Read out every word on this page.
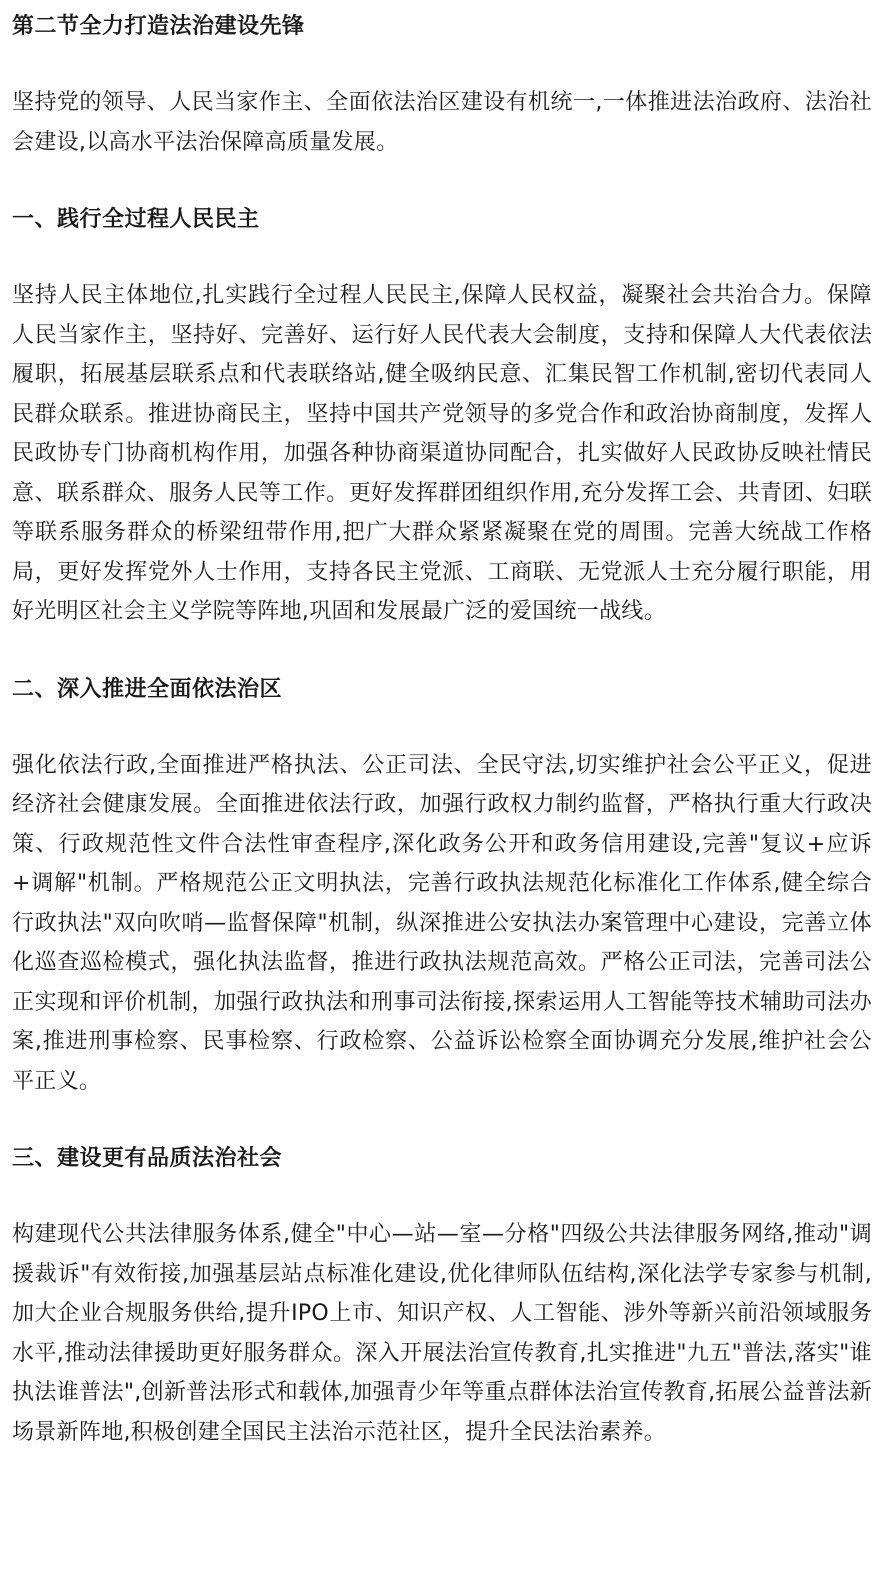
第二节全力打造法治建设先锋

坚持党的领导、人民当家作主、全面依法治区建设有机统一,一体推进法治政府、法治社会建设,以高水平法治保障高质量发展。

一、践行全过程人民民主

坚持人民主体地位,扎实践行全过程人民民主,保障人民权益，凝聚社会共治合力。保障人民当家作主，坚持好、完善好、运行好人民代表大会制度，支持和保障人大代表依法履职，拓展基层联系点和代表联络站,健全吸纳民意、汇集民智工作机制,密切代表同人民群众联系。推进协商民主，坚持中国共产党领导的多党合作和政治协商制度，发挥人民政协专门协商机构作用，加强各种协商渠道协同配合，扎实做好人民政协反映社情民意、联系群众、服务人民等工作。更好发挥群团组织作用,充分发挥工会、共青团、妇联等联系服务群众的桥梁纽带作用,把广大群众紧紧凝聚在党的周围。完善大统战工作格局，更好发挥党外人士作用，支持各民主党派、工商联、无党派人士充分履行职能，用好光明区社会主义学院等阵地,巩固和发展最广泛的爱国统一战线。

二、深入推进全面依法治区

强化依法行政,全面推进严格执法、公正司法、全民守法,切实维护社会公平正义，促进经济社会健康发展。全面推进依法行政，加强行政权力制约监督，严格执行重大行政决策、行政规范性文件合法性审查程序,深化政务公开和政务信用建设,完善"复议+应诉+调解"机制。严格规范公正文明执法，完善行政执法规范化标准化工作体系,健全综合行政执法"双向吹哨—监督保障"机制，纵深推进公安执法办案管理中心建设，完善立体化巡查巡检模式，强化执法监督，推进行政执法规范高效。严格公正司法，完善司法公正实现和评价机制，加强行政执法和刑事司法衔接,探索运用人工智能等技术辅助司法办案,推进刑事检察、民事检察、行政检察、公益诉讼检察全面协调充分发展,维护社会公平正义。

三、建设更有品质法治社会

构建现代公共法律服务体系,健全"中心—站—室—分格"四级公共法律服务网络,推动"调援裁诉"有效衔接,加强基层站点标准化建设,优化律师队伍结构,深化法学专家参与机制,加大企业合规服务供给,提升IPO上市、知识产权、人工智能、涉外等新兴前沿领域服务水平,推动法律援助更好服务群众。深入开展法治宣传教育,扎实推进"九五"普法,落实"谁执法谁普法",创新普法形式和载体,加强青少年等重点群体法治宣传教育,拓展公益普法新场景新阵地,积极创建全国民主法治示范社区，提升全民法治素养。
